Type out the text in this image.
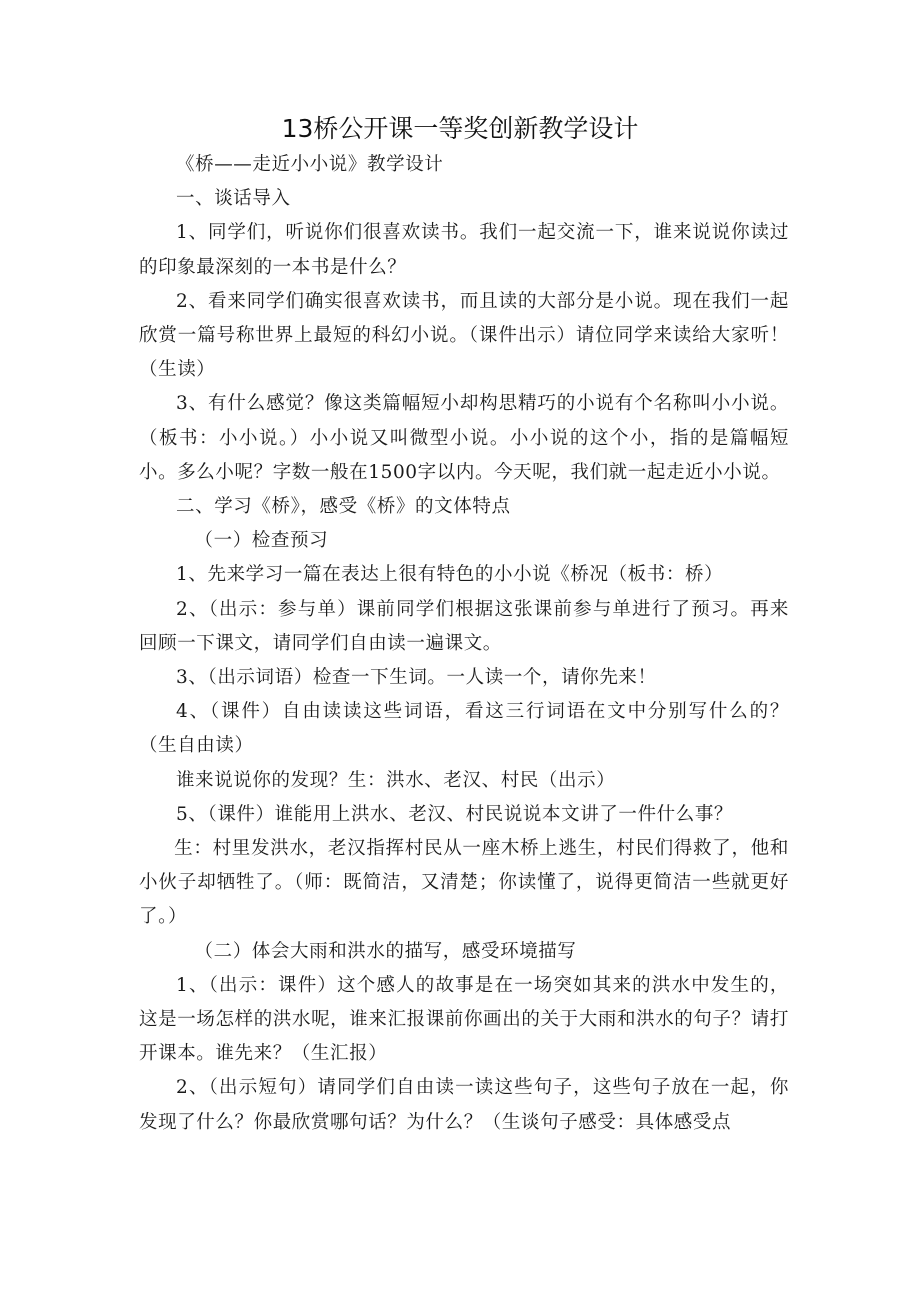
13桥公开课一等奖创新教学设计

《桥——走近小小说》教学设计

一、谈话导入

1、同学们，听说你们很喜欢读书。我们一起交流一下，谁来说说你读过的印象最深刻的一本书是什么？

2、看来同学们确实很喜欢读书，而且读的大部分是小说。现在我们一起欣赏一篇号称世界上最短的科幻小说。（课件出示）请位同学来读给大家听！（生读）

3、有什么感觉？像这类篇幅短小却构思精巧的小说有个名称叫小小说。（板书：小小说。）小小说又叫微型小说。小小说的这个小，指的是篇幅短小。多么小呢？字数一般在1500字以内。今天呢，我们就一起走近小小说。

二、学习《桥》，感受《桥》的文体特点

（一）检查预习

1、先来学习一篇在表达上很有特色的小小说《桥况（板书：桥）

2、（出示：参与单）课前同学们根据这张课前参与单进行了预习。再来回顾一下课文，请同学们自由读一遍课文。

3、（出示词语）检查一下生词。一人读一个，请你先来！

4、（课件）自由读读这些词语，看这三行词语在文中分别写什么的？（生自由读）

谁来说说你的发现？生：洪水、老汉、村民（出示）

5、（课件）谁能用上洪水、老汉、村民说说本文讲了一件什么事？

生：村里发洪水，老汉指挥村民从一座木桥上逃生，村民们得救了，他和小伙子却牺牲了。（师：既简洁，又清楚；你读懂了，说得更简洁一些就更好了。）

（二）体会大雨和洪水的描写，感受环境描写

1、（出示：课件）这个感人的故事是在一场突如其来的洪水中发生的，这是一场怎样的洪水呢，谁来汇报课前你画出的关于大雨和洪水的句子？请打开课本。谁先来？（生汇报）

2、（出示短句）请同学们自由读一读这些句子，这些句子放在一起，你发现了什么？你最欣赏哪句话？为什么？（生谈句子感受：具体感受点
